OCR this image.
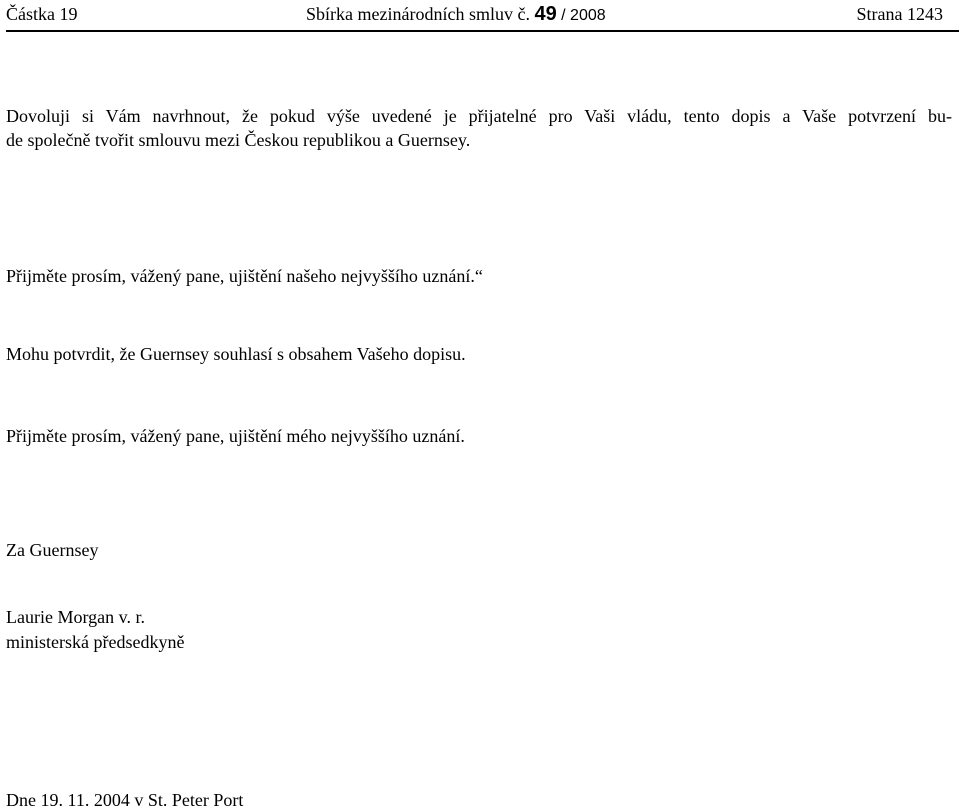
Částka 19	Sbírka mezinárodních smluv č. 49 / 2008	Strana 1243
Dovoluji si Vám navrhnout, že pokud výše uvedené je přijatelné pro Vaši vládu, tento dopis a Vaše potvrzení bu-
de společně tvořit smlouvu mezi Českou republikou a Guernsey.
Přijměte prosím, vážený pane, ujištění našeho nejvyššího uznání.“
Mohu potvrdit, že Guernsey souhlasí s obsahem Vašeho dopisu.
Přijměte prosím, vážený pane, ujištění mého nejvyššího uznání.
Za Guernsey
Laurie Morgan v. r.
ministerská předsedkyně
Dne 19. 11. 2004 v St. Peter Port
